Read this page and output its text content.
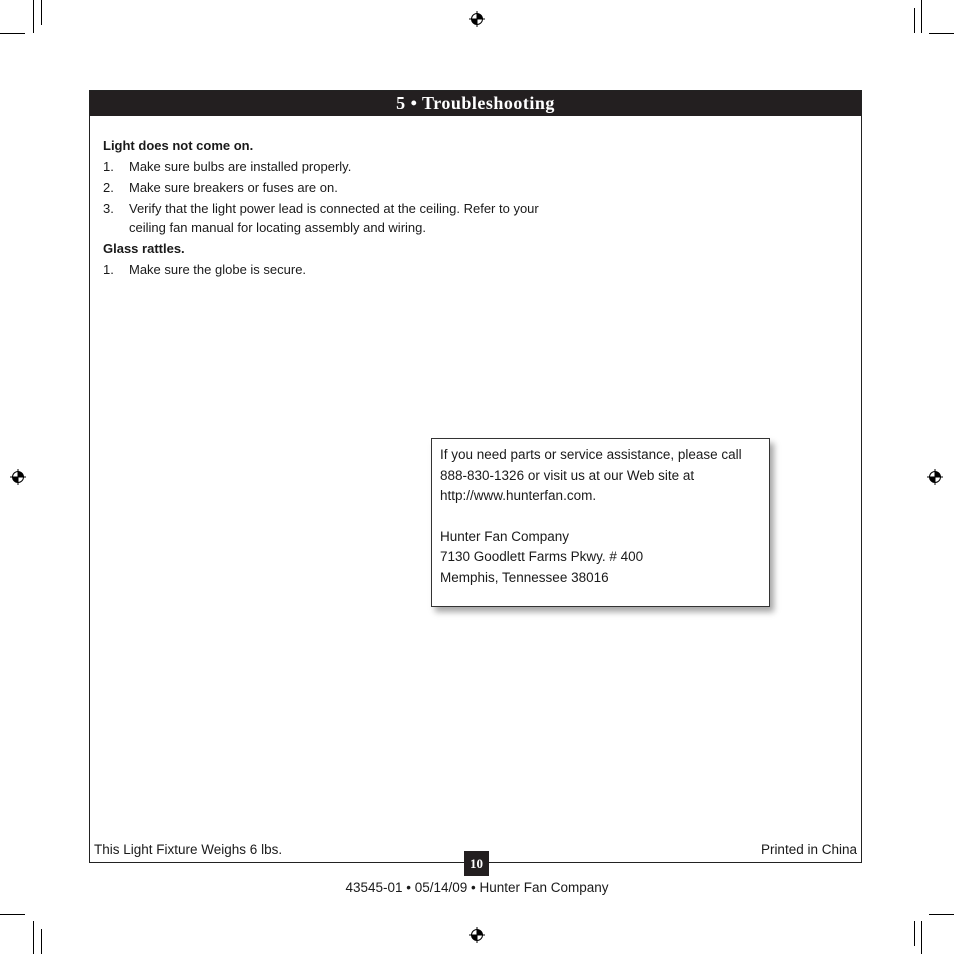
5 • Troubleshooting
Light does not come on.
1. Make sure bulbs are installed properly.
2. Make sure breakers or fuses are on.
3. Verify that the light power lead is connected at the ceiling. Refer to your ceiling fan manual for locating assembly and wiring.
Glass rattles.
1. Make sure the globe is secure.

If you need parts or service assistance, please call

888-830-1326 or visit us at our Web site at

http://www.hunterfan.com.

Hunter Fan Company

7130 Goodlett Farms Pkwy. # 400

Memphis, Tennessee 38016

This Light Fixture Weighs 6 lbs.	Printed in China
10
43545-01 • 05/14/09 • Hunter Fan Company
